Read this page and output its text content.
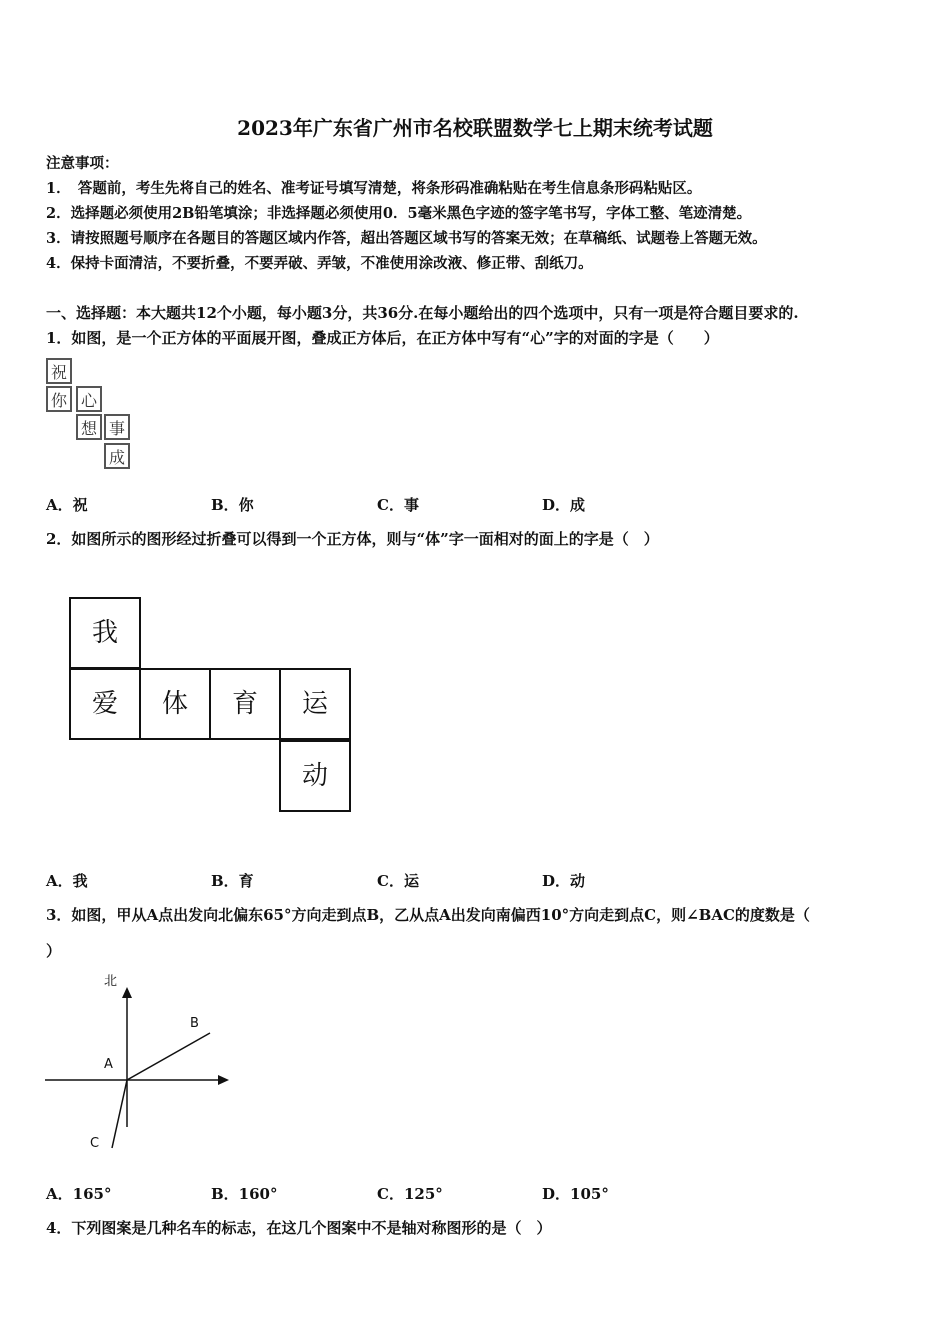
2023年广东省广州市名校联盟数学七上期末统考试题
注意事项：
1．　答题前，考生先将自己的姓名、准考证号填写清楚，将条形码准确粘贴在考生信息条形码粘贴区。
2．选择题必须使用2B铅笔填涂；非选择题必须使用0．5毫米黑色字迹的签字笔书写，字体工整、笔迹清楚。
3．请按照题号顺序在各题目的答题区域内作答，超出答题区域书写的答案无效；在草稿纸、试题卷上答题无效。
4．保持卡面清洁，不要折叠，不要弄破、弄皱，不准使用涂改液、修正带、刮纸刀。
一、选择题：本大题共12个小题，每小题3分，共36分.在每小题给出的四个选项中，只有一项是符合题目要求的.
1．如图，是一个正方体的平面展开图，叠成正方体后，在正方体中写有“心”字的对面的字是（　　）
祝
你 心
想 事
成
A．祝	B．你	C．事	D．成
2．如图所示的图形经过折叠可以得到一个正方体，则与“体”字一面相对的面上的字是（　）
我
爱	体	育	运
动
A．我	B．育	C．运	D．动
3．如图，甲从A点出发向北偏东65°方向走到点B，乙从点A出发向南偏西10°方向走到点C，则∠BAC的度数是（
）
北
A
B
C
A．165°	B．160°	C．125°	D．105°
4．下列图案是几种名车的标志，在这几个图案中不是轴对称图形的是（　）
